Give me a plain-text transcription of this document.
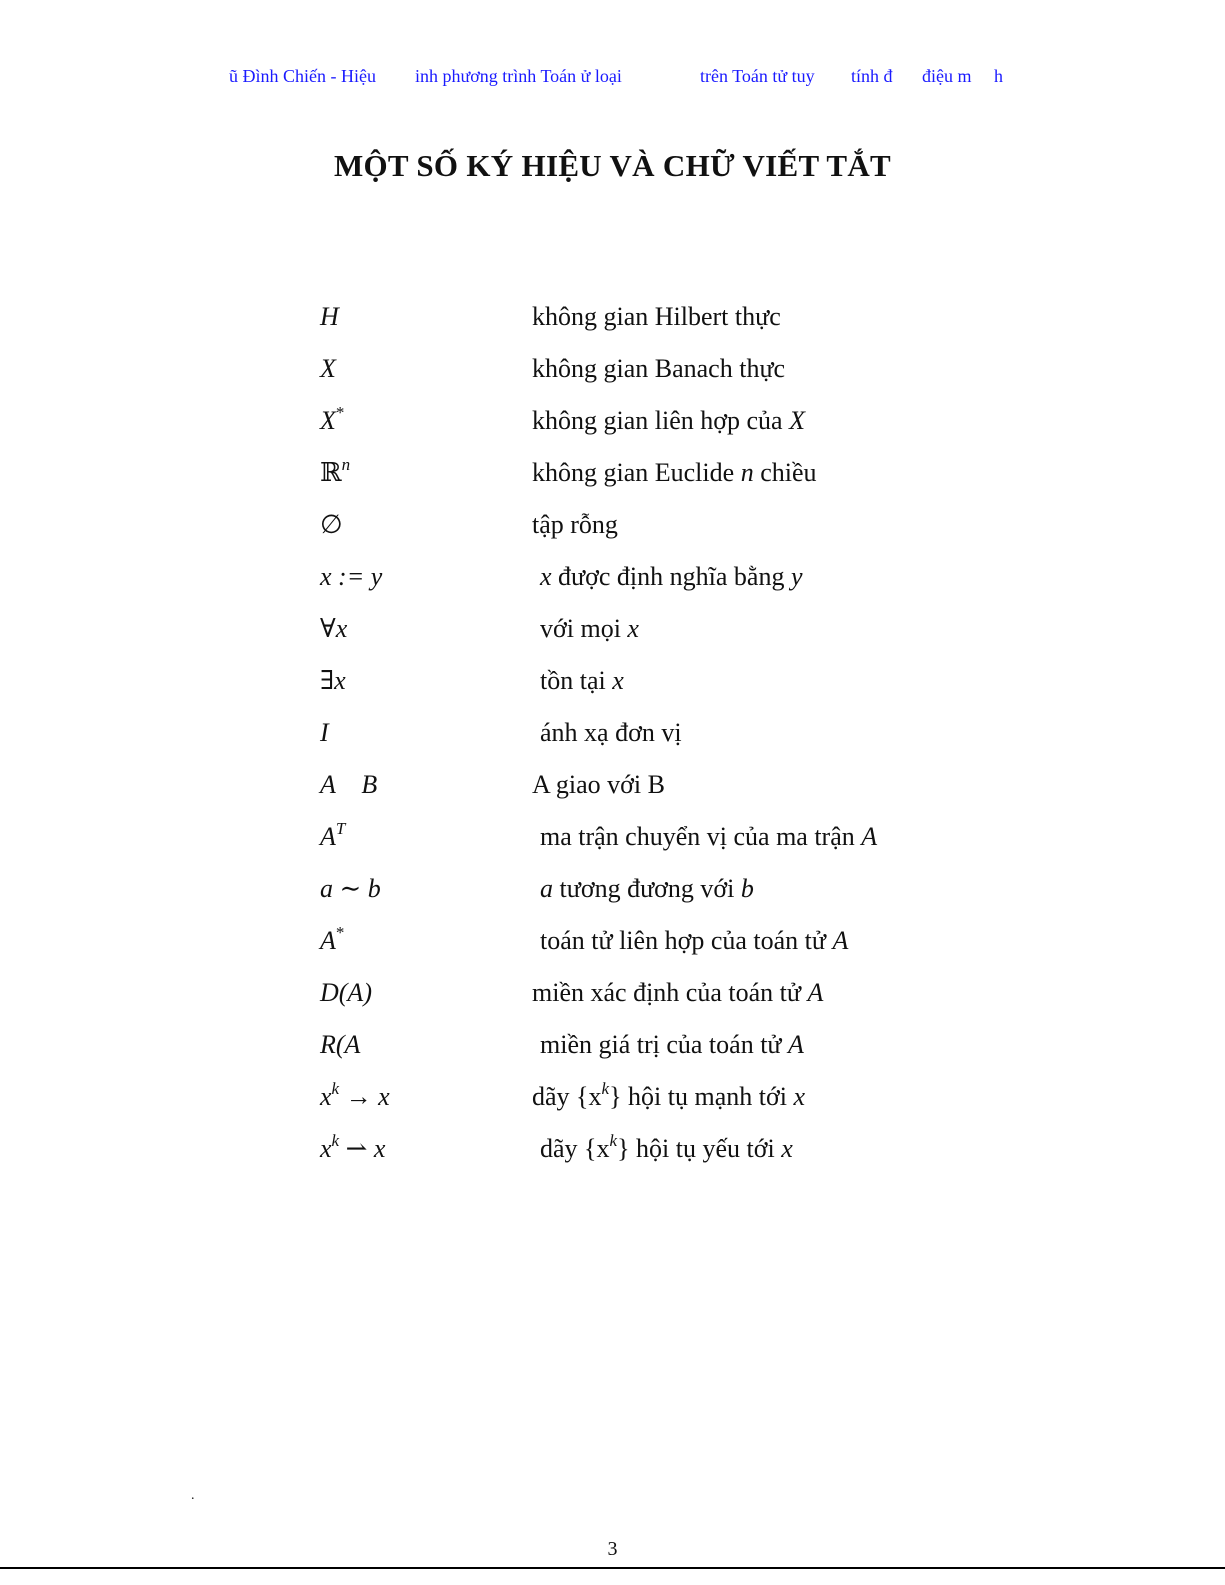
ũ Đình Chiến - Hiệu inh phương trình Toán ử loại	trên Toán tử tuy tính đ điệu m h
MỘT SỐ KÝ HIỆU VÀ CHỮ VIẾT TẮT
H	không gian Hilbert thực
X	không gian Banach thực
X*	không gian liên hợp của X
ℝ$^n$	không gian Euclide n chiều
∅	tập rỗng
x := y	x được định nghĩa bằng y
∀x	với mọi x
∃x	tồn tại x
I	ánh xạ đơn vị
A    B	A giao với B
$A^T$	ma trận chuyển vị của ma trận A
a ∼ b	a tương đương với b
A*	toán tử liên hợp của toán tử A
D(A)	miền xác định của toán tử A
R(A	miền giá trị của toán tử A
$x^k \to x$	dãy $\{x^k\}$ hội tụ mạnh tới x
$x^k$ ⇀ x	dãy $\{x^k\}$ hội tụ yếu tới x
.
3
